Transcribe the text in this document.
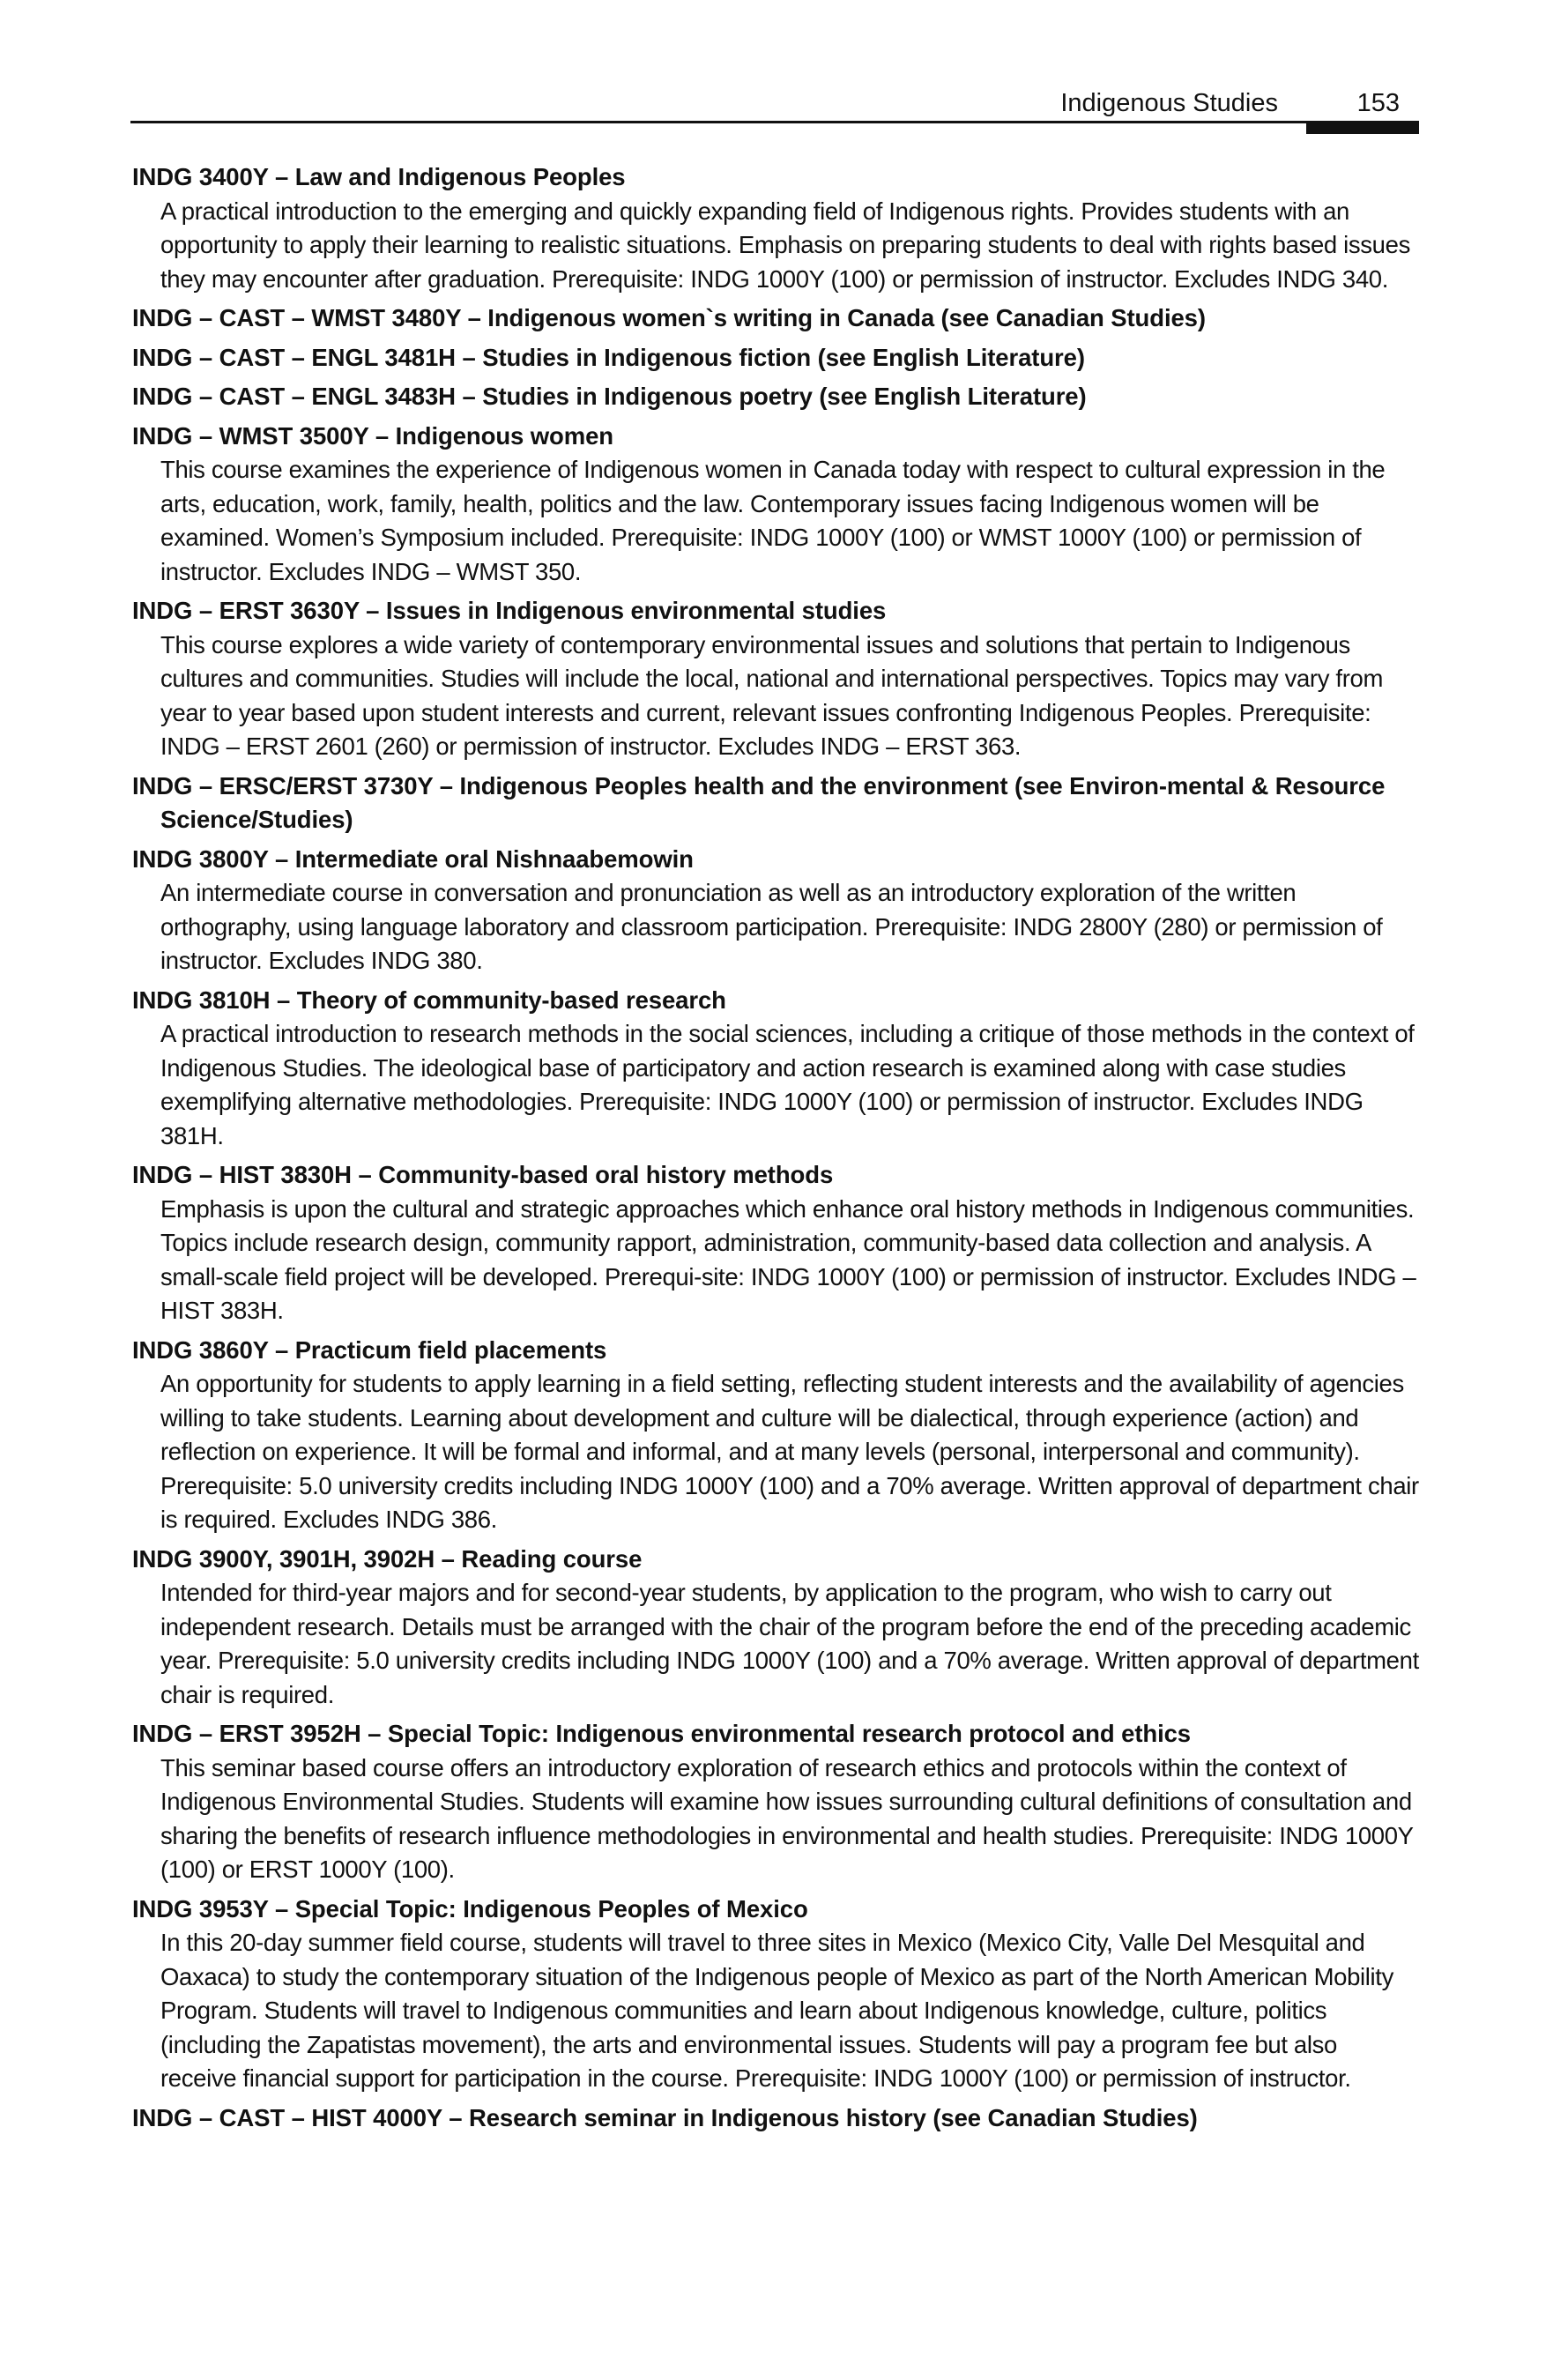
Indigenous Studies	153
INDG 3400Y – Law and Indigenous Peoples
A practical introduction to the emerging and quickly expanding field of Indigenous rights. Provides students with an opportunity to apply their learning to realistic situations. Emphasis on preparing students to deal with rights based issues they may encounter after graduation. Prerequisite: INDG 1000Y (100) or permission of instructor. Excludes INDG 340.
INDG – CAST – WMST 3480Y – Indigenous women`s writing in Canada (see Canadian Studies)
INDG – CAST – ENGL 3481H – Studies in Indigenous fiction (see English Literature)
INDG – CAST – ENGL 3483H – Studies in Indigenous poetry (see English Literature)
INDG – WMST 3500Y – Indigenous women
This course examines the experience of Indigenous women in Canada today with respect to cultural expression in the arts, education, work, family, health, politics and the law. Contemporary issues facing Indigenous women will be examined. Women’s Symposium included. Prerequisite: INDG 1000Y (100) or WMST 1000Y (100) or permission of instructor. Excludes INDG – WMST 350.
INDG – ERST 3630Y – Issues in Indigenous environmental studies
This course explores a wide variety of contemporary environmental issues and solutions that pertain to Indigenous cultures and communities. Studies will include the local, national and international perspectives. Topics may vary from year to year based upon student interests and current, relevant issues confronting Indigenous Peoples. Prerequisite: INDG – ERST 2601 (260) or permission of instructor. Excludes INDG – ERST 363.
INDG – ERSC/ERST 3730Y – Indigenous Peoples health and the environment (see Environ-mental & Resource Science/Studies)
INDG 3800Y – Intermediate oral Nishnaabemowin
An intermediate course in conversation and pronunciation as well as an introductory exploration of the written orthography, using language laboratory and classroom participation. Prerequisite: INDG 2800Y (280) or permission of instructor. Excludes INDG 380.
INDG 3810H – Theory of community-based research
A practical introduction to research methods in the social sciences, including a critique of those methods in the context of Indigenous Studies. The ideological base of participatory and action research is examined along with case studies exemplifying alternative methodologies. Prerequisite: INDG 1000Y (100) or permission of instructor. Excludes INDG 381H.
INDG – HIST 3830H – Community-based oral history methods
Emphasis is upon the cultural and strategic approaches which enhance oral history methods in Indigenous communities. Topics include research design, community rapport, administration, community-based data collection and analysis. A small-scale field project will be developed. Prerequi-site: INDG 1000Y (100) or permission of instructor. Excludes INDG – HIST 383H.
INDG 3860Y – Practicum field placements
An opportunity for students to apply learning in a field setting, reflecting student interests and the availability of agencies willing to take students. Learning about development and culture will be dialectical, through experience (action) and reflection on experience. It will be formal and informal, and at many levels (personal, interpersonal and community). Prerequisite: 5.0 university credits including INDG 1000Y (100) and a 70% average. Written approval of department chair is required. Excludes INDG 386.
INDG 3900Y, 3901H, 3902H – Reading course
Intended for third-year majors and for second-year students, by application to the program, who wish to carry out independent research. Details must be arranged with the chair of the program before the end of the preceding academic year. Prerequisite: 5.0 university credits including INDG 1000Y (100) and a 70% average. Written approval of department chair is required.
INDG – ERST 3952H – Special Topic: Indigenous environmental research protocol and ethics
This seminar based course offers an introductory exploration of research ethics and protocols within the context of Indigenous Environmental Studies. Students will examine how issues surrounding cultural definitions of consultation and sharing the benefits of research influence methodologies in environmental and health studies. Prerequisite: INDG 1000Y (100) or ERST 1000Y (100).
INDG 3953Y – Special Topic: Indigenous Peoples of Mexico
In this 20-day summer field course, students will travel to three sites in Mexico (Mexico City, Valle Del Mesquital and Oaxaca) to study the contemporary situation of the Indigenous people of Mexico as part of the North American Mobility Program. Students will travel to Indigenous communities and learn about Indigenous knowledge, culture, politics (including the Zapatistas movement), the arts and environmental issues. Students will pay a program fee but also receive financial support for participation in the course. Prerequisite: INDG 1000Y (100) or permission of instructor.
INDG – CAST – HIST 4000Y – Research seminar in Indigenous history (see Canadian Studies)
